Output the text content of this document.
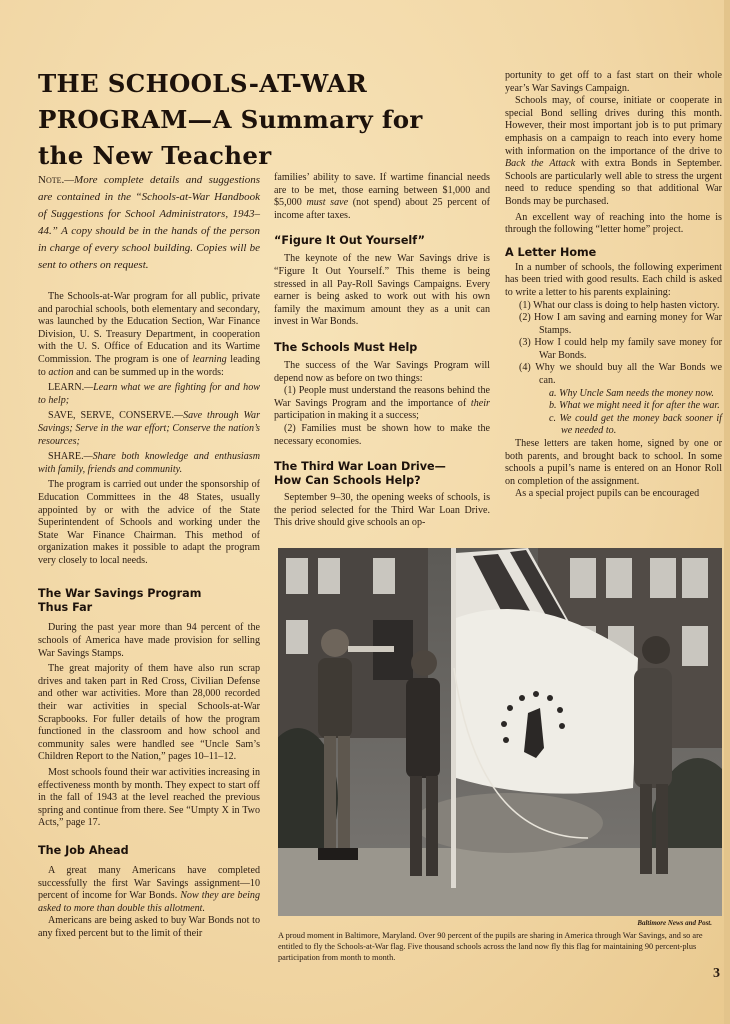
THE SCHOOLS-AT-WAR
PROGRAM—A Summary for
the New Teacher

Note.—More complete details and suggestions are contained in the “Schools-at-War Handbook of Suggestions for School Administrators, 1943–44.” A copy should be in the hands of the person in charge of every school building. Copies will be sent to others on request.

The Schools-at-War program for all public, private and parochial schools, both elementary and secondary, was launched by the Education Section, War Finance Division, U. S. Treasury Department, in cooperation with the U. S. Office of Education and its Wartime Commission. The program is one of learning leading to action and can be summed up in the words:

LEARN.—Learn what we are fighting for and how to help;

SAVE, SERVE, CONSERVE.—Save through War Savings; Serve in the war effort; Conserve the nation’s resources;

SHARE.—Share both knowledge and enthusiasm with family, friends and community.

The program is carried out under the sponsorship of Education Committees in the 48 States, usually appointed by or with the advice of the State Superintendent of Schools and working under the State War Finance Chairman. This method of organization makes it possible to adapt the program very closely to local needs.

The War Savings Program
Thus Far

During the past year more than 94 percent of the schools of America have made provision for selling War Savings Stamps.

The great majority of them have also run scrap drives and taken part in Red Cross, Civilian Defense and other war activities. More than 28,000 recorded their war activities in special Schools-at-War Scrapbooks. For fuller details of how the program functioned in the classroom and how school and community sales were handled see “Uncle Sam’s Children Report to the Nation,” pages 10–11–12.

Most schools found their war activities increasing in effectiveness month by month. They expect to start off in the fall of 1943 at the level reached the previous spring and continue from there. See “Umpty X in Two Acts,” page 17.

The Job Ahead

A great many Americans have completed successfully the first War Savings assignment—10 percent of income for War Bonds. Now they are being asked to more than double this allotment.

Americans are being asked to buy War Bonds not to any fixed percent but to the limit of their

families’ ability to save. If wartime financial needs are to be met, those earning between $1,000 and $5,000 must save (not spend) about 25 percent of income after taxes.

“Figure It Out Yourself”

The keynote of the new War Savings drive is “Figure It Out Yourself.” This theme is being stressed in all Pay-Roll Savings Campaigns. Every earner is being asked to work out with his own family the maximum amount they as a unit can invest in War Bonds.

The Schools Must Help

The success of the War Savings Program will depend now as before on two things:

(1) People must understand the reasons behind the War Savings Program and the importance of their participation in making it a success;

(2) Families must be shown how to make the necessary economies.

The Third War Loan Drive—
How Can Schools Help?

September 9–30, the opening weeks of schools, is the period selected for the Third War Loan Drive. This drive should give schools an op-

portunity to get off to a fast start on their whole year’s War Savings Campaign.

Schools may, of course, initiate or cooperate in special Bond selling drives during this month. However, their most important job is to put primary emphasis on a campaign to reach into every home with information on the importance of the drive to Back the Attack with extra Bonds in September. Schools are particularly well able to stress the urgent need to reduce spending so that additional War Bonds may be purchased.

An excellent way of reaching into the home is through the following “letter home” project.

A Letter Home

In a number of schools, the following experiment has been tried with good results. Each child is asked to write a letter to his parents explaining:

(1) What our class is doing to help hasten victory.
(2) How I am saving and earning money for War Stamps.
(3) How I could help my family save money for War Bonds.
(4) Why we should buy all the War Bonds we can.
a. Why Uncle Sam needs the money now.
b. What we might need it for after the war.
c. We could get the money back sooner if we needed to.

These letters are taken home, signed by one or both parents, and brought back to school. In some schools a pupil’s name is entered on an Honor Roll on completion of the assignment.

As a special project pupils can be encouraged

Baltimore News and Post.
A proud moment in Baltimore, Maryland. Over 90 percent of the pupils are sharing in America through War Savings, and so are entitled to fly the Schools-at-War flag. Five thousand schools across the land now fly this flag for maintaining 90 percent-plus participation from month to month.
3
